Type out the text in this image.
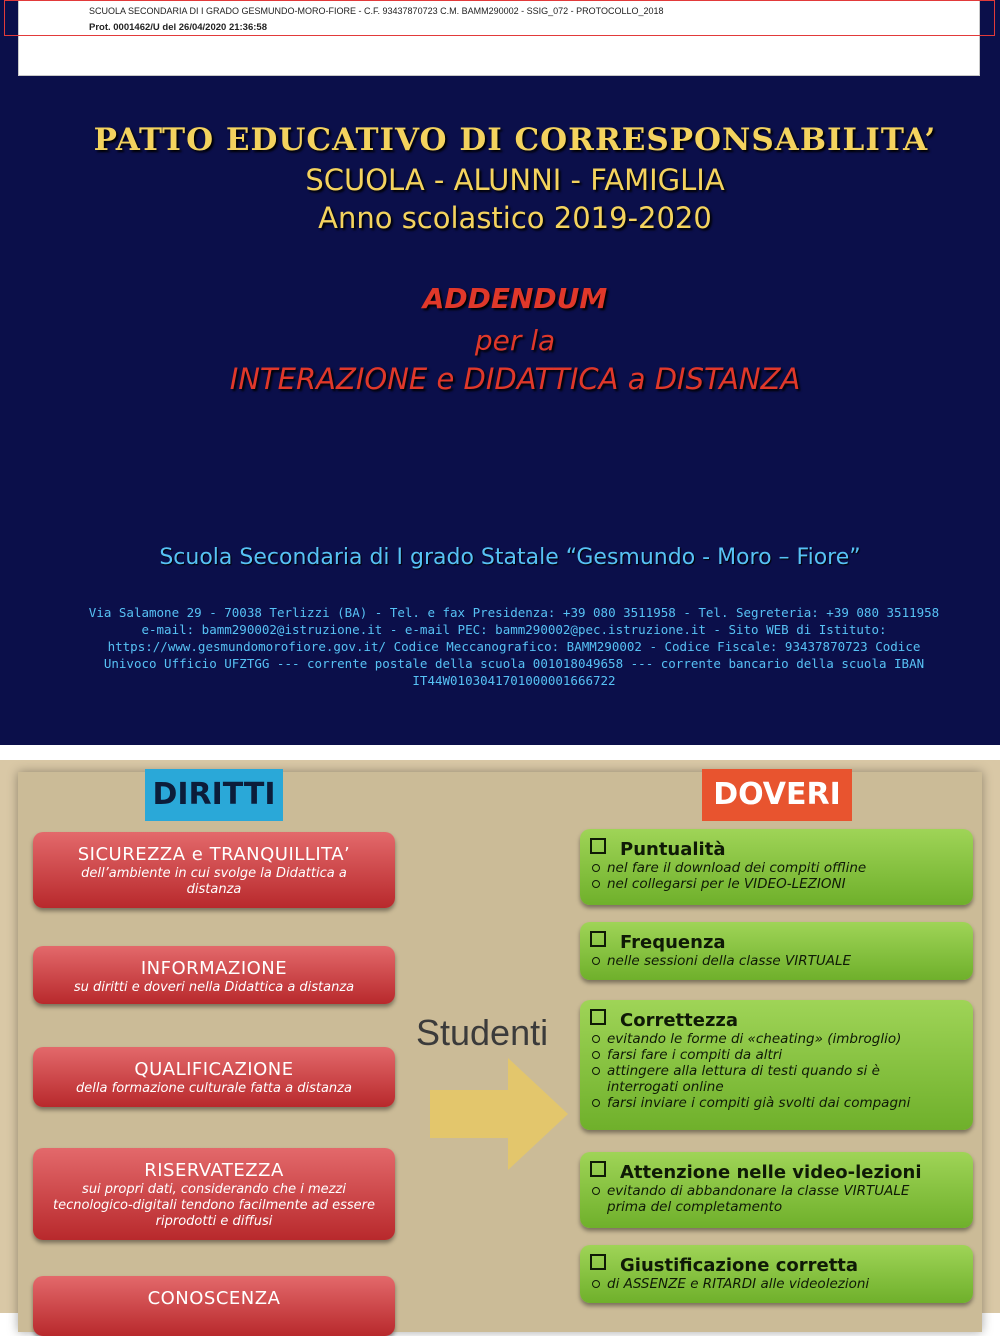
SCUOLA SECONDARIA DI I GRADO GESMUNDO-MORO-FIORE - C.F. 93437870723 C.M. BAMM290002 - SSIG_072 - PROTOCOLLO_2018
Prot. 0001462/U del 26/04/2020 21:36:58
PATTO EDUCATIVO DI CORRESPONSABILITA’
SCUOLA - ALUNNI - FAMIGLIA
Anno scolastico 2019-2020
ADDENDUM
per la
INTERAZIONE e DIDATTICA a DISTANZA
Scuola Secondaria di I grado Statale “Gesmundo - Moro – Fiore”
Via Salamone 29 - 70038 Terlizzi (BA) - Tel. e fax Presidenza: +39 080 3511958 - Tel. Segreteria: +39 080 3511958 e-mail: bamm290002@istruzione.it - e-mail PEC: bamm290002@pec.istruzione.it - Sito WEB di Istituto: https://www.gesmundomorofiore.gov.it/ Codice Meccanografico: BAMM290002 - Codice Fiscale: 93437870723 Codice Univoco Ufficio UFZTGG --- corrente postale della scuola 001018049658 --- corrente bancario della scuola IBAN IT44W0103041701000001666722
DIRITTI	DOVERI
SICUREZZA e TRANQUILLITA’
dell’ambiente in cui svolge la Didattica a distanza
INFORMAZIONE
su diritti e doveri nella Didattica a distanza
QUALIFICAZIONE
della formazione culturale fatta a distanza
RISERVATEZZA
sui propri dati, considerando che i mezzi tecnologico-digitali tendono facilmente ad essere riprodotti e diffusi
CONOSCENZA
Studenti
Puntualità
nel fare il download dei compiti offline
nel collegarsi per le VIDEO-LEZIONI
Frequenza
nelle sessioni della classe VIRTUALE
Correttezza
evitando le forme di «cheating» (imbroglio)
farsi fare i compiti da altri
attingere alla lettura di testi quando si è
interrogati online
farsi inviare i compiti già svolti dai compagni
Attenzione nelle video-lezioni
evitando di abbandonare la classe VIRTUALE
prima del completamento
Giustificazione corretta
di ASSENZE e RITARDI alle videolezioni
